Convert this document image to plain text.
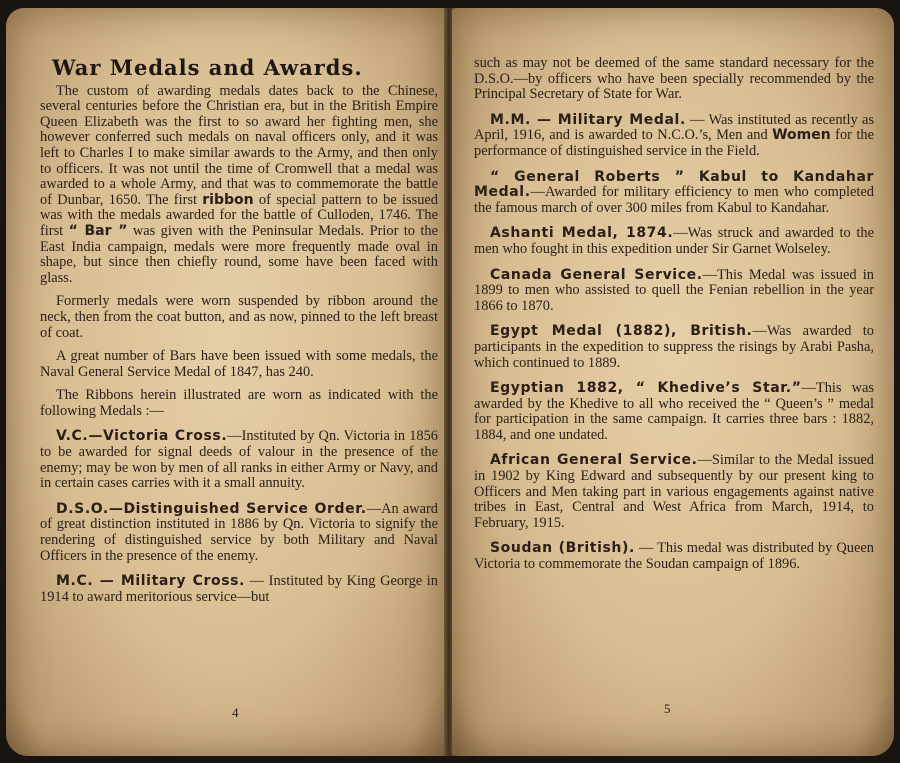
War Medals and Awards.

The custom of awarding medals dates back to the Chinese, several centuries before the Christian era, but in the British Empire Queen Elizabeth was the first to so award her fighting men, she however conferred such medals on naval officers only, and it was left to Charles I to make similar awards to the Army, and then only to officers. It was not until the time of Cromwell that a medal was awarded to a whole Army, and that was to commemorate the battle of Dunbar, 1650. The first ribbon of special pattern to be issued was with the medals awarded for the battle of Culloden, 1746. The first “ Bar ” was given with the Peninsular Medals. Prior to the East India campaign, medals were more frequently made oval in shape, but since then chiefly round, some have been faced with glass.

Formerly medals were worn suspended by ribbon around the neck, then from the coat button, and as now, pinned to the left breast of coat.

A great number of Bars have been issued with some medals, the Naval General Service Medal of 1847, has 240.

The Ribbons herein illustrated are worn as indicated with the following Medals :—

V.C.—Victoria Cross.—Instituted by Qn. Victoria in 1856 to be awarded for signal deeds of valour in the presence of the enemy; may be won by men of all ranks in either Army or Navy, and in certain cases carries with it a small annuity.

D.S.O.—Distinguished Service Order.—An award of great distinction instituted in 1886 by Qn. Victoria to signify the rendering of distinguished service by both Military and Naval Officers in the presence of the enemy.

M.C. — Military Cross. — Instituted by King George in 1914 to award meritorious service—but

4

such as may not be deemed of the same standard necessary for the D.S.O.—by officers who have been specially recommended by the Principal Secretary of State for War.

M.M. — Military Medal. — Was instituted as recently as April, 1916, and is awarded to N.C.O.’s, Men and Women for the performance of distinguished service in the Field.

“ General Roberts ” Kabul to Kandahar Medal.—Awarded for military efficiency to men who completed the famous march of over 300 miles from Kabul to Kandahar.

Ashanti Medal, 1874.—Was struck and awarded to the men who fought in this expedition under Sir Garnet Wolseley.

Canada General Service.—This Medal was issued in 1899 to men who assisted to quell the Fenian rebellion in the year 1866 to 1870.

Egypt Medal (1882), British.—Was awarded to participants in the expedition to suppress the risings by Arabi Pasha, which continued to 1889.

Egyptian 1882, “ Khedive’s Star.”—This was awarded by the Khedive to all who received the “ Queen’s ” medal for participation in the same campaign. It carries three bars : 1882, 1884, and one undated.

African General Service.—Similar to the Medal issued in 1902 by King Edward and subsequently by our present king to Officers and Men taking part in various engagements against native tribes in East, Central and West Africa from March, 1914, to February, 1915.

Soudan (British). — This medal was distributed by Queen Victoria to commemorate the Soudan campaign of 1896.

5
